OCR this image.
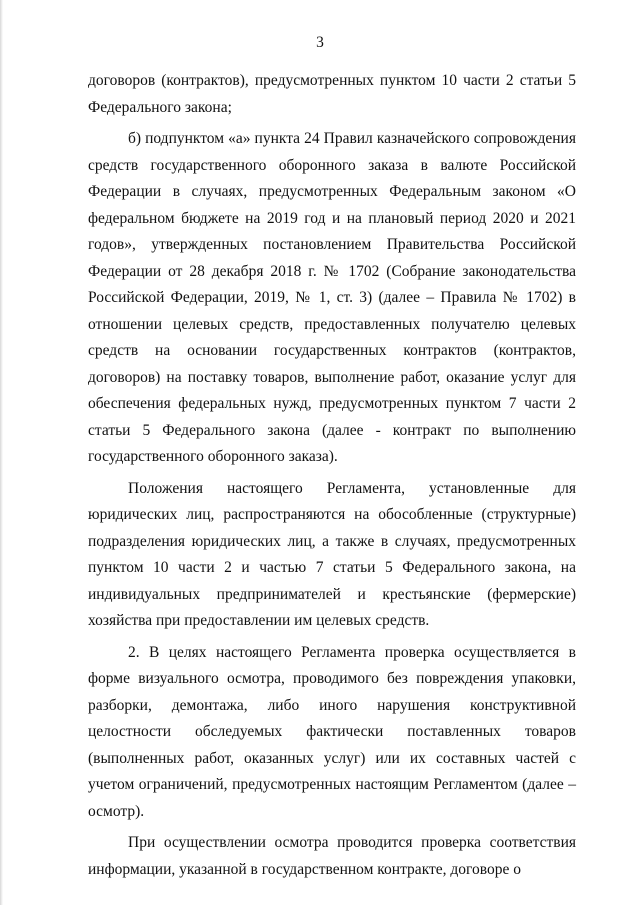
3

договоров (контрактов), предусмотренных пунктом 10 части 2 статьи 5 Федерального закона;

б) подпунктом «а» пункта 24 Правил казначейского сопровождения средств государственного оборонного заказа в валюте Российской Федерации в случаях, предусмотренных Федеральным законом «О федеральном бюджете на 2019 год и на плановый период 2020 и 2021 годов», утвержденных постановлением Правительства Российской Федерации от 28 декабря 2018 г. № 1702 (Собрание законодательства Российской Федерации, 2019, № 1, ст. 3) (далее – Правила № 1702) в отношении целевых средств, предоставленных получателю целевых средств на основании государственных контрактов (контрактов, договоров) на поставку товаров, выполнение работ, оказание услуг для обеспечения федеральных нужд, предусмотренных пунктом 7 части 2 статьи 5 Федерального закона (далее - контракт по выполнению государственного оборонного заказа).

Положения настоящего Регламента, установленные для юридических лиц, распространяются на обособленные (структурные) подразделения юридических лиц, а также в случаях, предусмотренных пунктом 10 части 2 и частью 7 статьи 5 Федерального закона, на индивидуальных предпринимателей и крестьянские (фермерские) хозяйства при предоставлении им целевых средств.

2. В целях настоящего Регламента проверка осуществляется в форме визуального осмотра, проводимого без повреждения упаковки, разборки, демонтажа, либо иного нарушения конструктивной целостности обследуемых фактически поставленных товаров (выполненных работ, оказанных услуг) или их составных частей с учетом ограничений, предусмотренных настоящим Регламентом (далее – осмотр).

При осуществлении осмотра проводится проверка соответствия информации, указанной в государственном контракте, договоре о
